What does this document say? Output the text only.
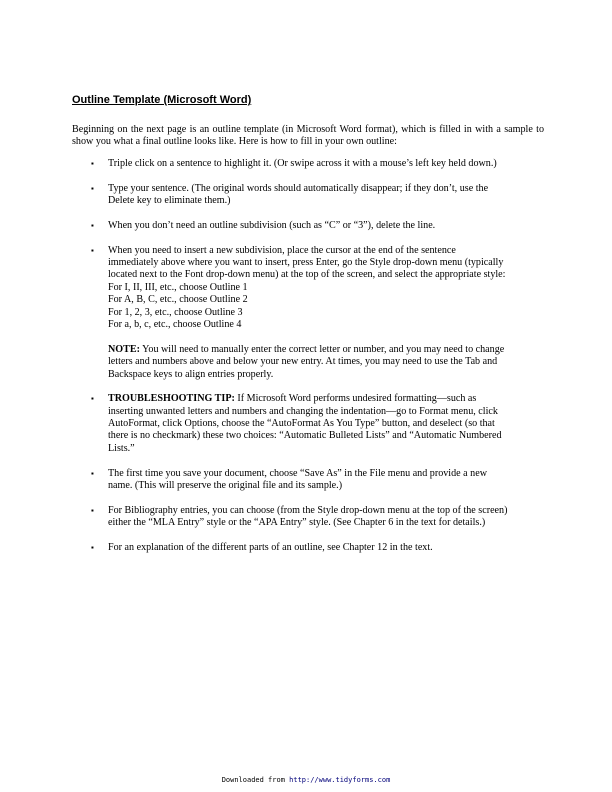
Outline Template (Microsoft Word)

Beginning on the next page is an outline template (in Microsoft Word format), which is filled in with a sample to show you what a final outline looks like. Here is how to fill in your own outline:

▪ Triple click on a sentence to highlight it. (Or swipe across it with a mouse’s left key held down.)

▪ Type your sentence. (The original words should automatically disappear; if they don’t, use the Delete key to eliminate them.)

▪ When you don’t need an outline subdivision (such as “C” or “3”), delete the line.

▪ When you need to insert a new subdivision, place the cursor at the end of the sentence immediately above where you want to insert, press Enter, go the Style drop-down menu (typically located next to the Font drop-down menu) at the top of the screen, and select the appropriate style:

For I, II, III, etc., choose Outline 1

For A, B, C, etc., choose Outline 2

For 1, 2, 3, etc., choose Outline 3

For a, b, c, etc., choose Outline 4

NOTE: You will need to manually enter the correct letter or number, and you may need to change letters and numbers above and below your new entry. At times, you may need to use the Tab and Backspace keys to align entries properly.

▪ TROUBLESHOOTING TIP: If Microsoft Word performs undesired formatting—such as inserting unwanted letters and numbers and changing the indentation—go to Format menu, click AutoFormat, click Options, choose the “AutoFormat As You Type” button, and deselect (so that there is no checkmark) these two choices: “Automatic Bulleted Lists” and “Automatic Numbered Lists.”

▪ The first time you save your document, choose “Save As” in the File menu and provide a new name. (This will preserve the original file and its sample.)

▪ For Bibliography entries, you can choose (from the Style drop-down menu at the top of the screen) either the “MLA Entry” style or the “APA Entry” style. (See Chapter 6 in the text for details.)

▪ For an explanation of the different parts of an outline, see Chapter 12 in the text.

Downloaded from http://www.tidyforms.com
